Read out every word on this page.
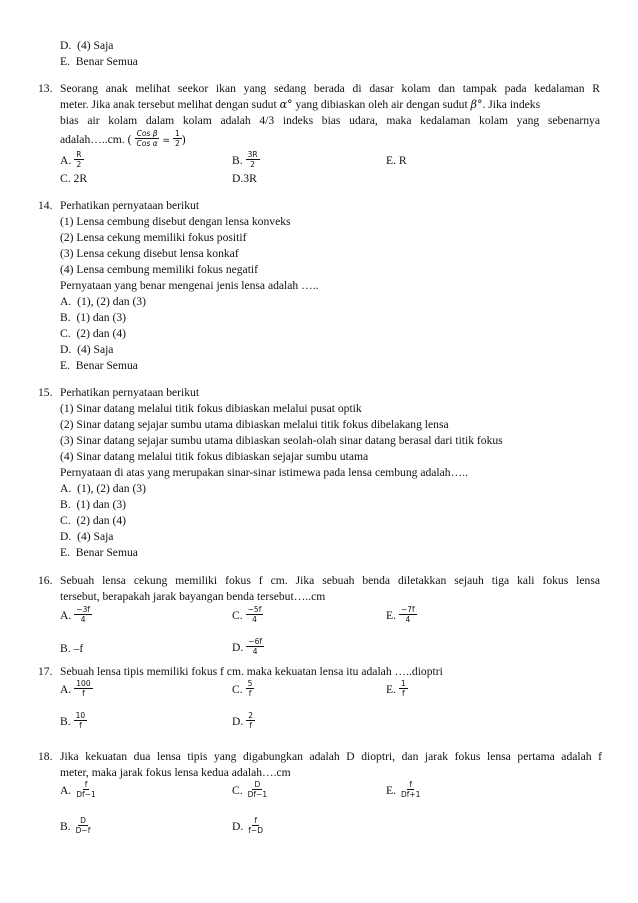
D. (4) Saja
E. Benar Semua
13. Seorang anak melihat seekor ikan yang sedang berada di dasar kolam dan tampak pada kedalaman R
meter. Jika anak tersebut melihat dengan sudut α° yang dibiaskan oleh air dengan sudut β°. Jika indeks
bias air kolam dalam kolam adalah 4/3 indeks bias udara, maka kedalaman kolam yang sebenarnya
adalah…..cm. ( $\frac{\text{Cos β}}{\text{Cos α}} = \frac{1}{2}$ )
A. $\frac{R}{2}$	B. $\frac{3R}{2}$	E. R
C. 2R	D.3R
14. Perhatikan pernyataan berikut
(1) Lensa cembung disebut dengan lensa konveks
(2) Lensa cekung memiliki fokus positif
(3) Lensa cekung disebut lensa konkaf
(4) Lensa cembung memiliki fokus negatif
Pernyataan yang benar mengenai jenis lensa adalah …..
A. (1), (2) dan (3)
B. (1) dan (3)
C. (2) dan (4)
D. (4) Saja
E. Benar Semua
15. Perhatikan pernyataan berikut
(1) Sinar datang melalui titik fokus dibiaskan melalui pusat optik
(2) Sinar datang sejajar sumbu utama dibiaskan melalui titik fokus dibelakang lensa
(3) Sinar datang sejajar sumbu utama dibiaskan seolah-olah sinar datang berasal dari titik fokus
(4) Sinar datang melalui titik fokus dibiaskan sejajar sumbu utama
Pernyataan di atas yang merupakan sinar-sinar istimewa pada lensa cembung adalah…..
A. (1), (2) dan (3)
B. (1) dan (3)
C. (2) dan (4)
D. (4) Saja
E. Benar Semua
16. Sebuah lensa cekung memiliki fokus f cm. Jika sebuah benda diletakkan sejauh tiga kali fokus lensa
tersebut, berapakah jarak bayangan benda tersebut…..cm
A. $\frac{-3f}{4}$	C. $\frac{-5f}{4}$	E. $\frac{-7f}{4}$
B. –f	D. $\frac{-6f}{4}$
17. Sebuah lensa tipis memiliki fokus f cm. maka kekuatan lensa itu adalah …..dioptri
A. $\frac{100}{f}$	C. $\frac{5}{f}$	E. $\frac{1}{f}$
B. $\frac{10}{f}$	D. $\frac{2}{f}$
18. Jika kekuatan dua lensa tipis yang digabungkan adalah D dioptri, dan jarak fokus lensa pertama adalah f
meter, maka jarak fokus lensa kedua adalah….cm
A. $\frac{f}{Df-1}$	C. $\frac{D}{Df-1}$	E. $\frac{f}{Df+1}$
B. $\frac{D}{D-f}$	D. $\frac{f}{f-D}$
